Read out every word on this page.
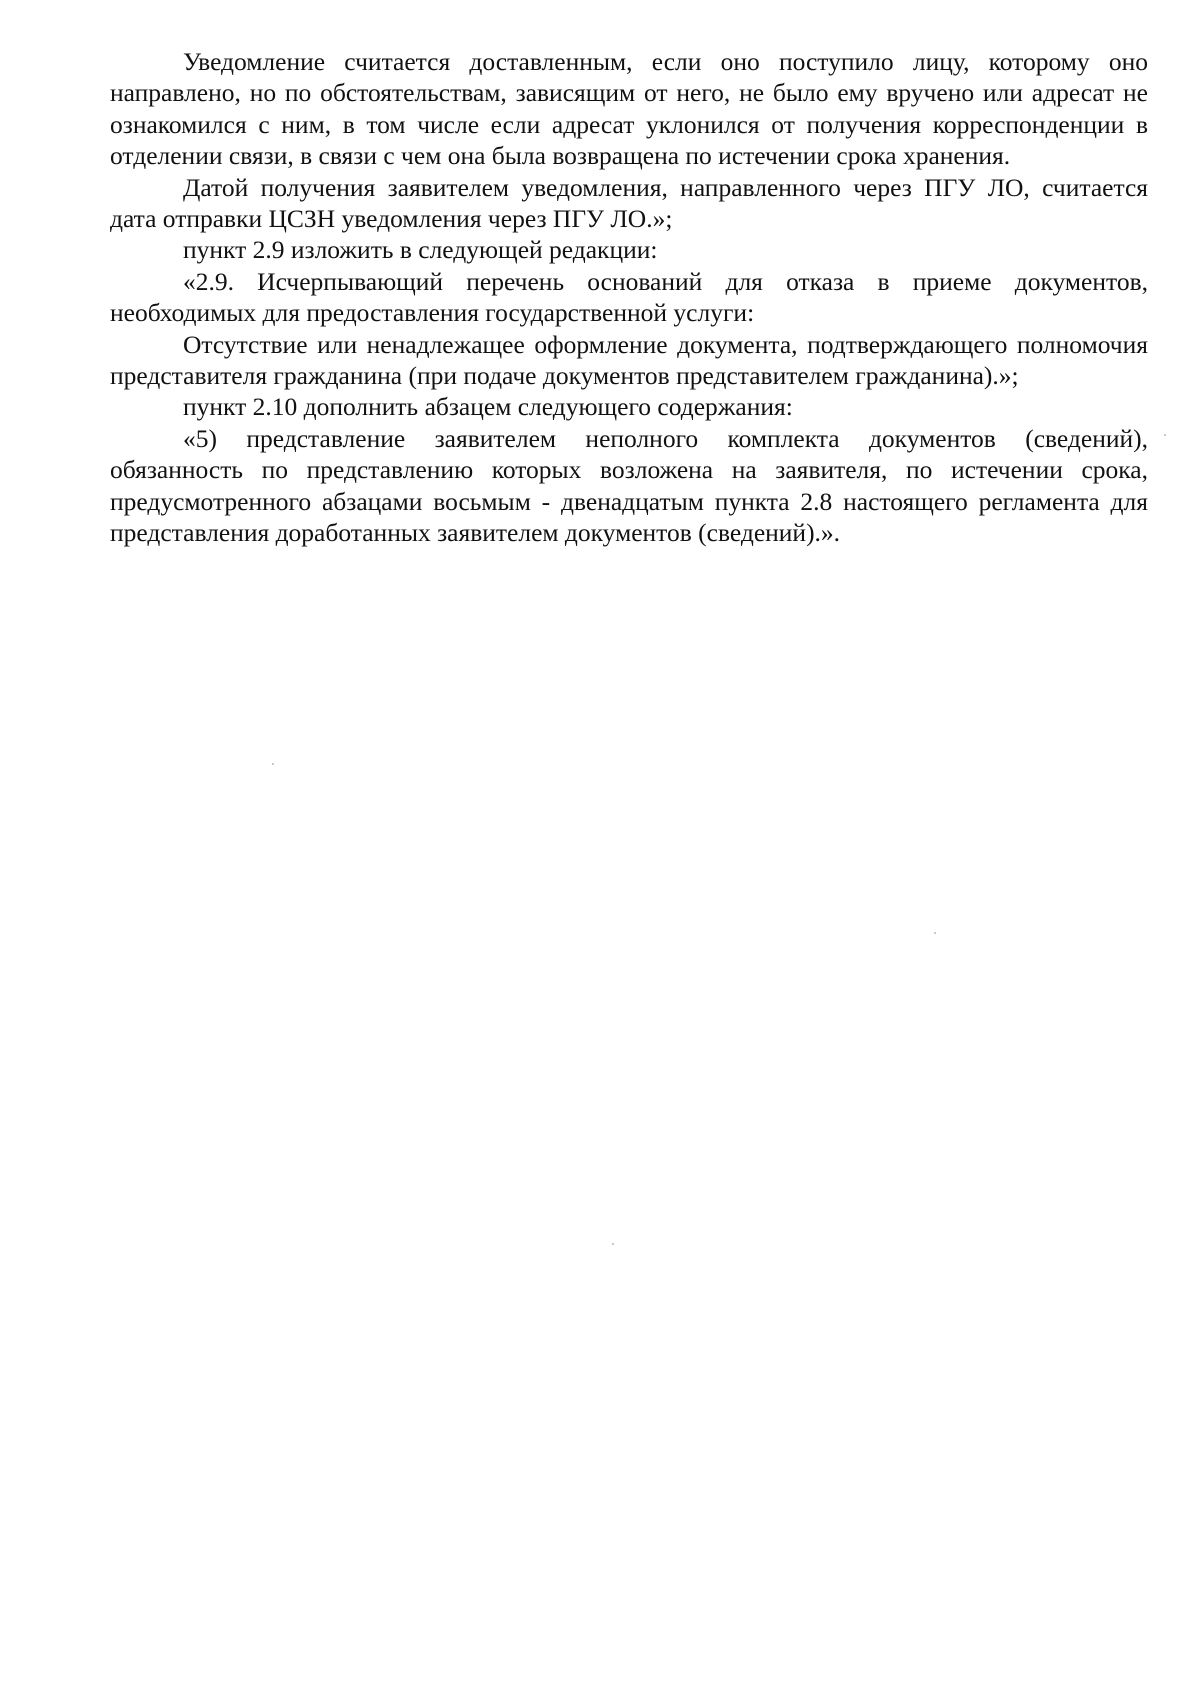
Уведомление считается доставленным, если оно поступило лицу, которому оно направлено, но по обстоятельствам, зависящим от него, не было ему вручено или адресат не ознакомился с ним, в том числе если адресат уклонился от получения корреспонденции в отделении связи, в связи с чем она была возвращена по истечении срока хранения.

Датой получения заявителем уведомления, направленного через ПГУ ЛО, считается дата отправки ЦСЗН уведомления через ПГУ ЛО.»;

пункт 2.9 изложить в следующей редакции:

«2.9. Исчерпывающий перечень оснований для отказа в приеме документов, необходимых для предоставления государственной услуги:

Отсутствие или ненадлежащее оформление документа, подтверждающего полномочия представителя гражданина (при подаче документов представителем гражданина).»;

пункт 2.10 дополнить абзацем следующего содержания:

«5) представление заявителем неполного комплекта документов (сведений), обязанность по представлению которых возложена на заявителя, по истечении срока, предусмотренного абзацами восьмым - двенадцатым пункта 2.8 настоящего регламента для представления доработанных заявителем документов (сведений).».
